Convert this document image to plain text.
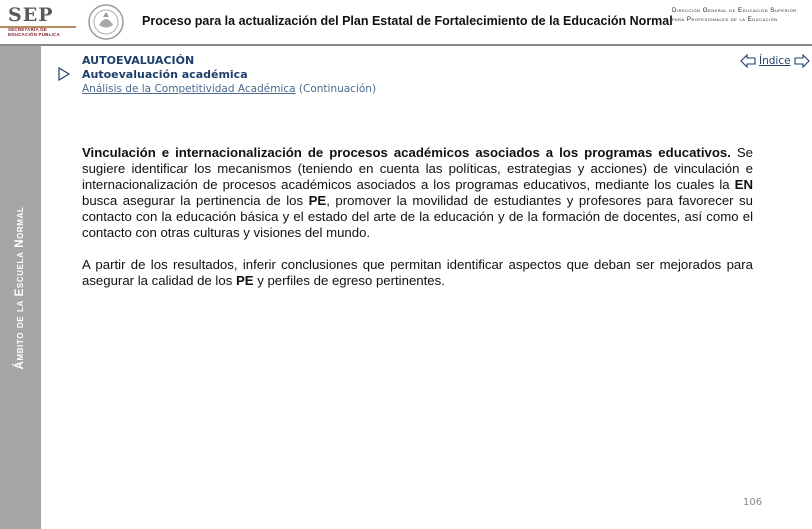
SEP
SECRETARÍA DE EDUCACIÓN PÚBLICA
Proceso para la actualización del Plan Estatal de Fortalecimiento de la Educación Normal
Dirección General de Educación Superior para Profesionales de la Educación
Ámbito de la Escuela Normal
AUTOEVALUACIÓN
Autoevaluación académica
Análisis de la Competitividad Académica (Continuación)
Índice

Vinculación e internacionalización de procesos académicos asociados a los programas educativos. Se sugiere identificar los mecanismos (teniendo en cuenta las políticas, estrategias y acciones) de vinculación e internacionalización de procesos académicos asociados a los programas educativos, mediante los cuales la EN busca asegurar la pertinencia de los PE, promover la movilidad de estudiantes y profesores para favorecer su contacto con la educación básica y el estado del arte de la educación y de la formación de docentes, así como el contacto con otras culturas y visiones del mundo.

A partir de los resultados, inferir conclusiones que permitan identificar aspectos que deban ser mejorados para asegurar la calidad de los PE y perfiles de egreso pertinentes.

106
